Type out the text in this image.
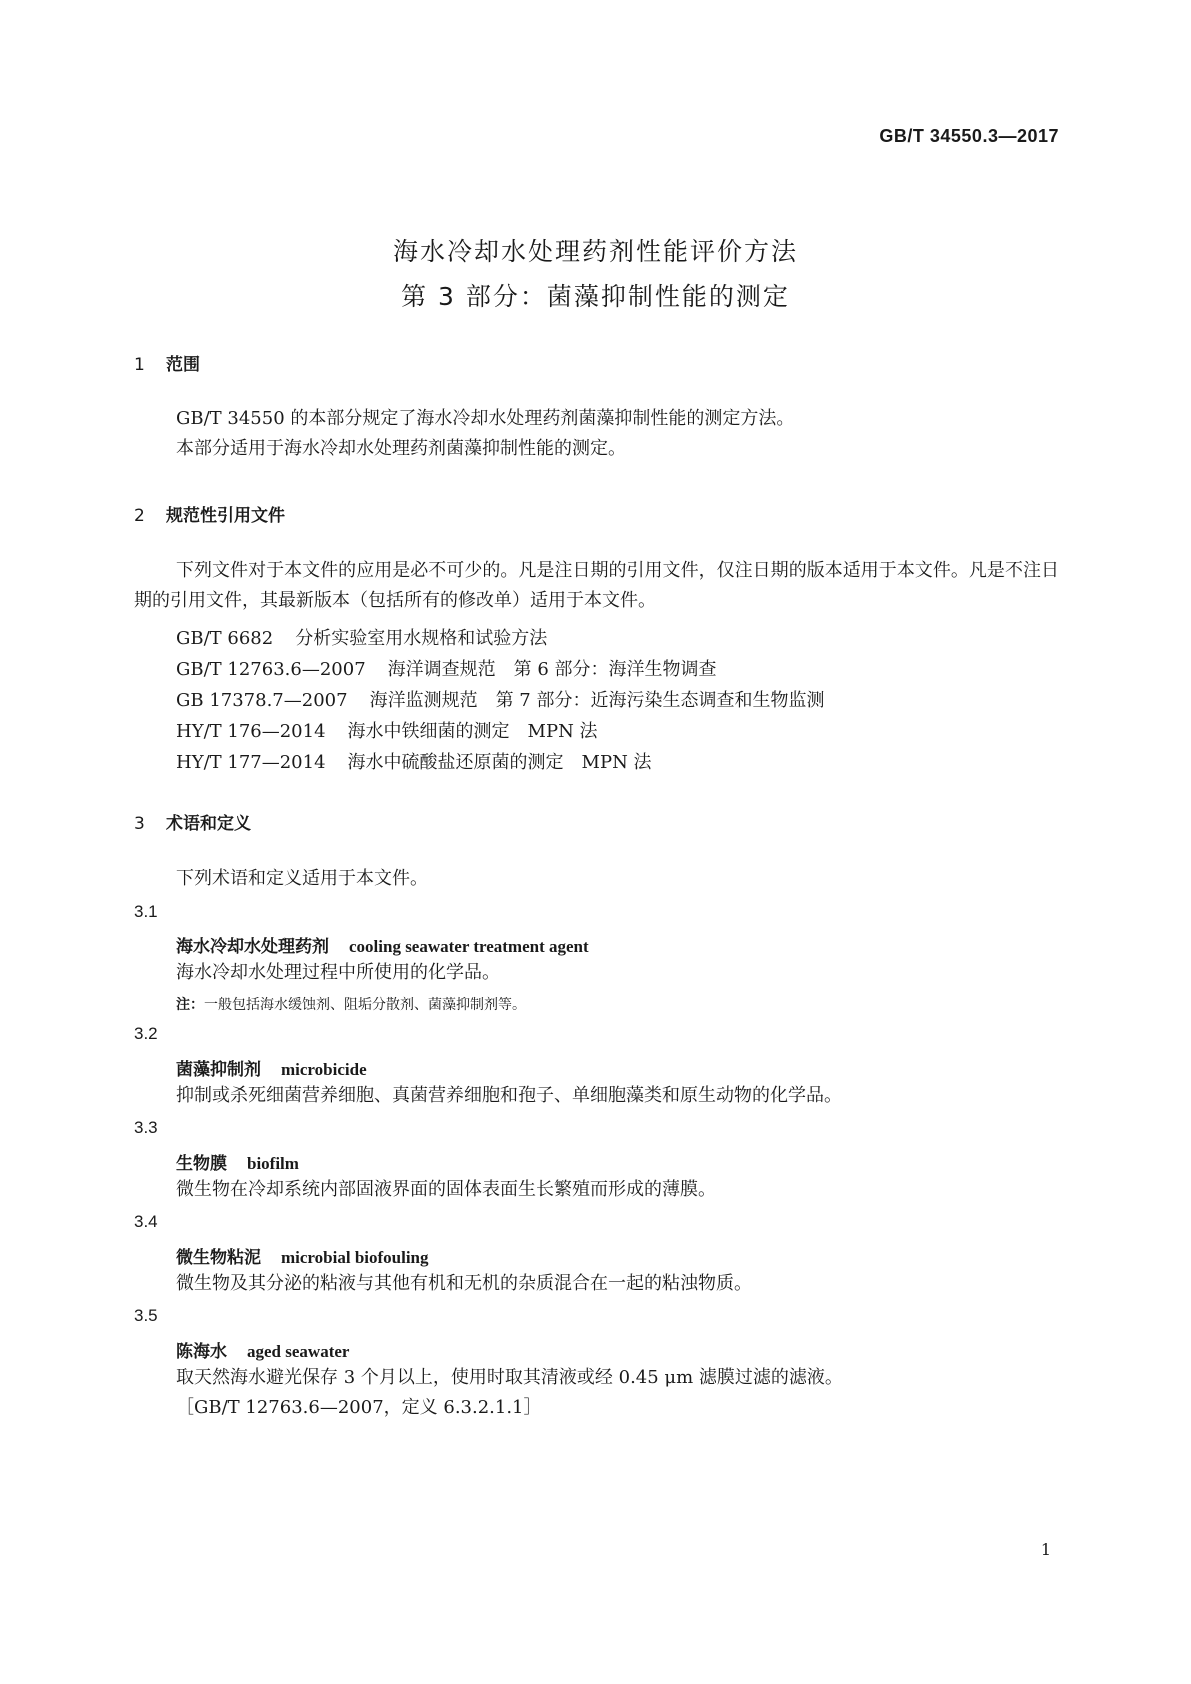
GB/T 34550.3—2017
海水冷却水处理药剂性能评价方法
第 3 部分：菌藻抑制性能的测定
1 范围
GB/T 34550 的本部分规定了海水冷却水处理药剂菌藻抑制性能的测定方法。
本部分适用于海水冷却水处理药剂菌藻抑制性能的测定。
2 规范性引用文件
下列文件对于本文件的应用是必不可少的。凡是注日期的引用文件，仅注日期的版本适用于本文件。凡是不注日期的引用文件，其最新版本（包括所有的修改单）适用于本文件。
GB/T 6682 分析实验室用水规格和试验方法
GB/T 12763.6—2007 海洋调查规范　第 6 部分：海洋生物调查
GB 17378.7—2007 海洋监测规范　第 7 部分：近海污染生态调查和生物监测
HY/T 176—2014 海水中铁细菌的测定　MPN 法
HY/T 177—2014 海水中硫酸盐还原菌的测定　MPN 法
3 术语和定义
下列术语和定义适用于本文件。
3.1
海水冷却水处理药剂 cooling seawater treatment agent
海水冷却水处理过程中所使用的化学品。
注：一般包括海水缓蚀剂、阻垢分散剂、菌藻抑制剂等。
3.2
菌藻抑制剂 microbicide
抑制或杀死细菌营养细胞、真菌营养细胞和孢子、单细胞藻类和原生动物的化学品。
3.3
生物膜 biofilm
微生物在冷却系统内部固液界面的固体表面生长繁殖而形成的薄膜。
3.4
微生物粘泥 microbial biofouling
微生物及其分泌的粘液与其他有机和无机的杂质混合在一起的粘浊物质。
3.5
陈海水 aged seawater
取天然海水避光保存 3 个月以上，使用时取其清液或经 0.45 μm 滤膜过滤的滤液。
［GB/T 12763.6—2007，定义 6.3.2.1.1］
1
